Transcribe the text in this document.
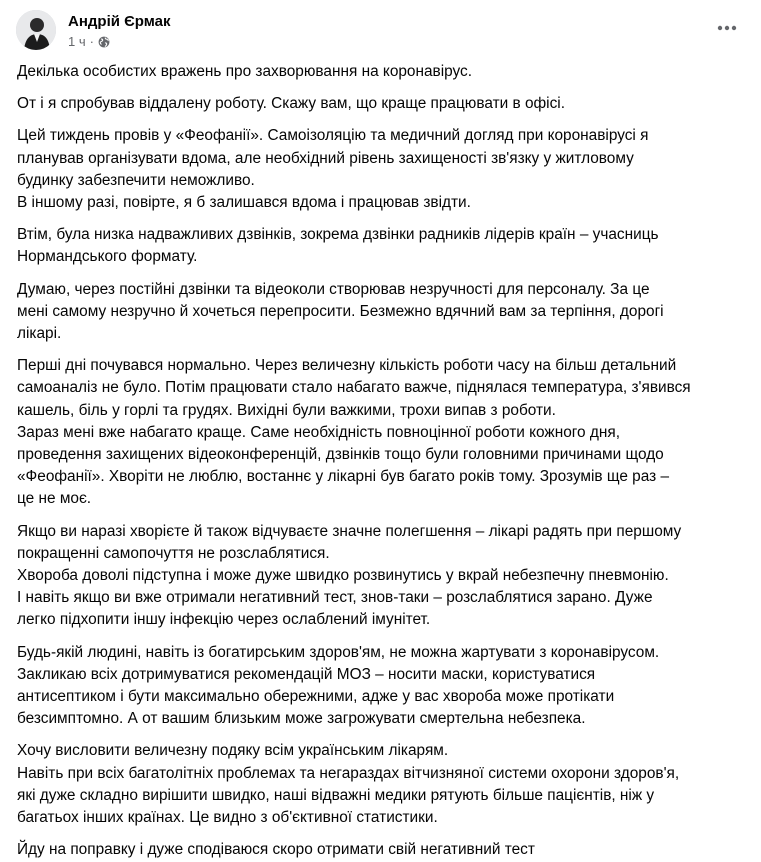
Андрій Єрмак
1 ч ·
Декілька особистих вражень про захворювання на коронавірус.
От і я спробував віддалену роботу. Скажу вам, що краще працювати в офісі.
Цей тиждень провів у «Феофанії». Самоізоляцію та медичний догляд при коронавірусі я
планував організувати вдома, але необхідний рівень захищеності зв'язку у житловому
будинку забезпечити неможливо.
В іншому разі, повірте, я б залишався вдома і працював звідти.
Втім, була низка надважливих дзвінків, зокрема дзвінки радників лідерів країн – учасниць
Нормандського формату.
Думаю, через постійні дзвінки та відеоколи створював незручності для персоналу. За це
мені самому незручно й хочеться перепросити. Безмежно вдячний вам за терпіння, дорогі
лікарі.
Перші дні почувався нормально. Через величезну кількість роботи часу на більш детальний
самоаналіз не було. Потім працювати стало набагато важче, піднялася температура, з'явився
кашель, біль у горлі та грудях. Вихідні були важкими, трохи випав з роботи.
Зараз мені вже набагато краще. Саме необхідність повноцінної роботи кожного дня,
проведення захищених відеоконференцій, дзвінків тощо були головними причинами щодо
«Феофанії». Хворіти не люблю, востаннє у лікарні був багато років тому. Зрозумів ще раз –
це не моє.
Якщо ви наразі хворієте й також відчуваєте значне полегшення – лікарі радять при першому
покращенні самопочуття не розслаблятися.
Хвороба доволі підступна і може дуже швидко розвинутись у вкрай небезпечну пневмонію.
І навіть якщо ви вже отримали негативний тест, знов-таки – розслаблятися зарано. Дуже
легко підхопити іншу інфекцію через ослаблений імунітет.
Будь-якій людині, навіть із богатирським здоров'ям, не можна жартувати з коронавірусом.
Закликаю всіх дотримуватися рекомендацій МОЗ – носити маски, користуватися
антисептиком і бути максимально обережними, адже у вас хвороба може протікати
безсимптомно. А от вашим близьким може загрожувати смертельна небезпека.
Хочу висловити величезну подяку всім українським лікарям.
Навіть при всіх багатолітніх проблемах та негараздах вітчизняної системи охорони здоров'я,
які дуже складно вирішити швидко, наші відважні медики рятують більше пацієнтів, ніж у
багатьох інших країнах. Це видно з об'єктивної статистики.
Йду на поправку і дуже сподіваюся скоро отримати свій негативний тест
